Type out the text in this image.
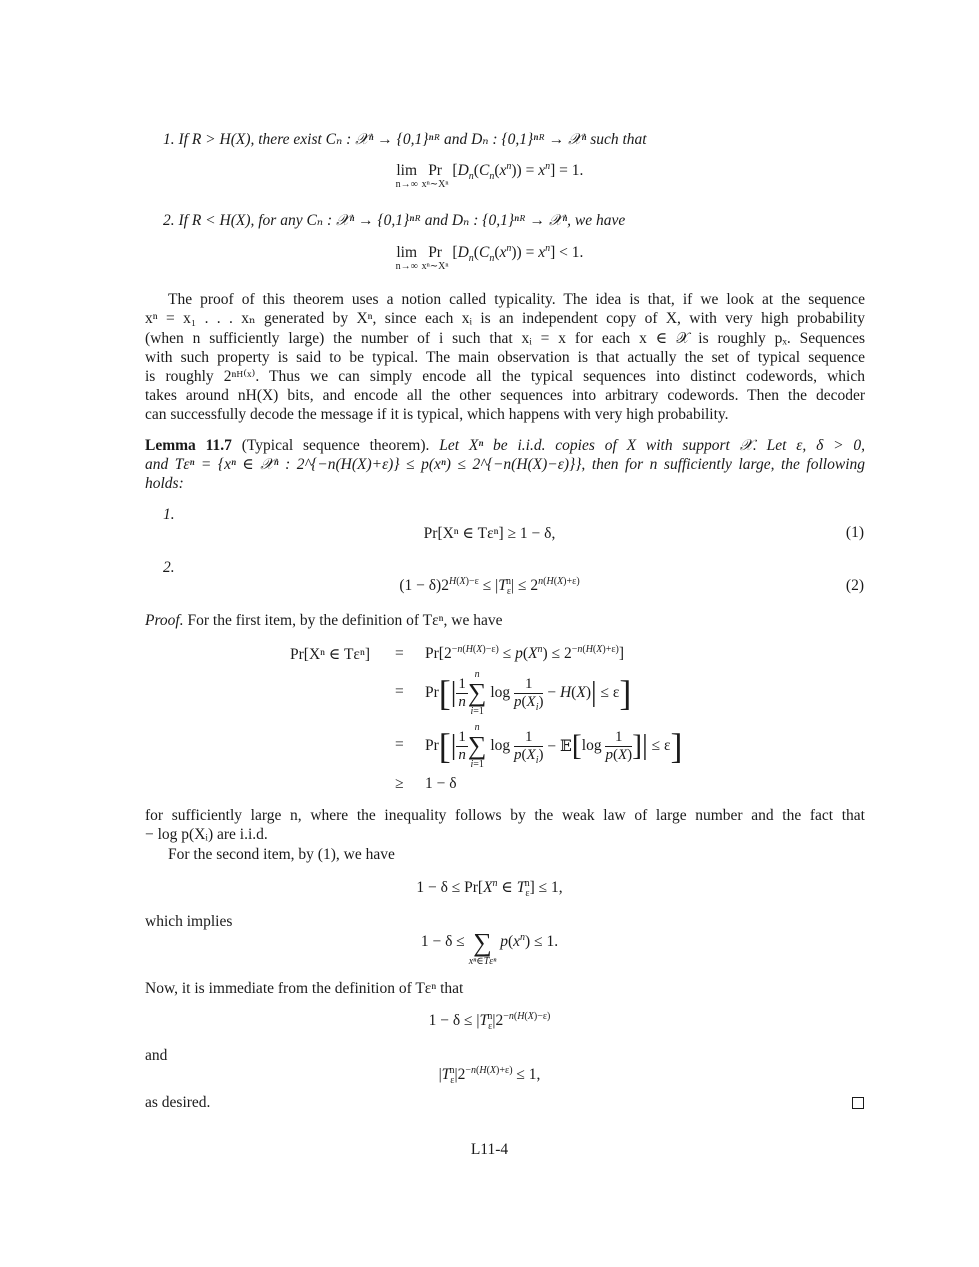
1. If R > H(X), there exist Cₙ : 𝒳ⁿ → {0,1}ⁿᴿ and Dₙ : {0,1}ⁿᴿ → 𝒳ⁿ such that
lim
n→∞

Pr
xⁿ∼Xⁿ
$[D_n(C_n(x^n)) = x^n] = 1$.
2. If R < H(X), for any Cₙ : 𝒳ⁿ → {0,1}ⁿᴿ and Dₙ : {0,1}ⁿᴿ → 𝒳ⁿ, we have
lim
n→∞

Pr
xⁿ∼Xⁿ
$[D_n(C_n(x^n)) = x^n] < 1$.
The proof of this theorem uses a notion called typicality. The idea is that, if we look at the sequence
xⁿ = x₁ . . . xₙ generated by Xⁿ, since each xᵢ is an independent copy of X, with very high probability
(when n sufficiently large) the number of i such that xᵢ = x for each x ∈ 𝒳 is roughly pₓ. Sequences
with such property is said to be typical. The main observation is that actually the set of typical sequence
is roughly 2ⁿᴴ⁽ˣ⁾. Thus we can simply encode all the typical sequences into distinct codewords, which
takes around nH(X) bits, and encode all the other sequences into arbitrary codewords. Then the decoder
can successfully decode the message if it is typical, which happens with very high probability.
Lemma 11.7 (Typical sequence theorem). Let Xⁿ be i.i.d. copies of X with support 𝒳. Let ε, δ > 0,
and Tεⁿ = {xⁿ ∈ 𝒳ⁿ : 2^{−n(H(X)+ε)} ≤ p(xⁿ) ≤ 2^{−n(H(X)−ε)}}, then for n sufficiently large, the following
holds:
1.
Pr[Xⁿ ∈ Tεⁿ] ≥ 1 − δ,	(1)
2.
$(1 - \delta)2^{H(X)-\varepsilon} \le |T_\varepsilon^n| \le 2^{n(H(X)+\varepsilon)}$	(2)
Proof. For the first item, by the definition of Tεⁿ, we have
Pr[Xⁿ ∈ $T\varepsilon^n] = Pr[2^{-n(H(X)-\varepsilon)} \le p(X^n) \le 2^{-n(H(X)+\varepsilon)}]$
= Pr [ | $\frac{1}{n}$
n
∑
i=1
$\log \frac{1}{p(X_i)} - H(X)$ | ≤ ε ]
= Pr [ | $\frac{1}{n}$
n
∑
i=1
$\log \frac{1}{p(X_i)}$ − 𝔼 [ $\log \frac{1}{p(X)}$ ] | ≤ ε ]
≥ 1 − δ
for sufficiently large n, where the inequality follows by the weak law of large number and the fact that
− log p(Xᵢ) are i.i.d.
For the second item, by (1), we have
$1 - \delta \le Pr[X^n$ ∈ $T_\varepsilon^n] \le 1$,
which implies
1 − δ ≤ ∑
xⁿ∈Tεⁿ
$p(x^n) \le 1$.
Now, it is immediate from the definition of Tεⁿ that
$1 - \delta \le |T_\varepsilon^n|2^{-n(H(X)-\varepsilon)}$
and
$|T_\varepsilon^n|2^{-n(H(X)+\varepsilon)} \le 1$,
as desired.
L11-4
